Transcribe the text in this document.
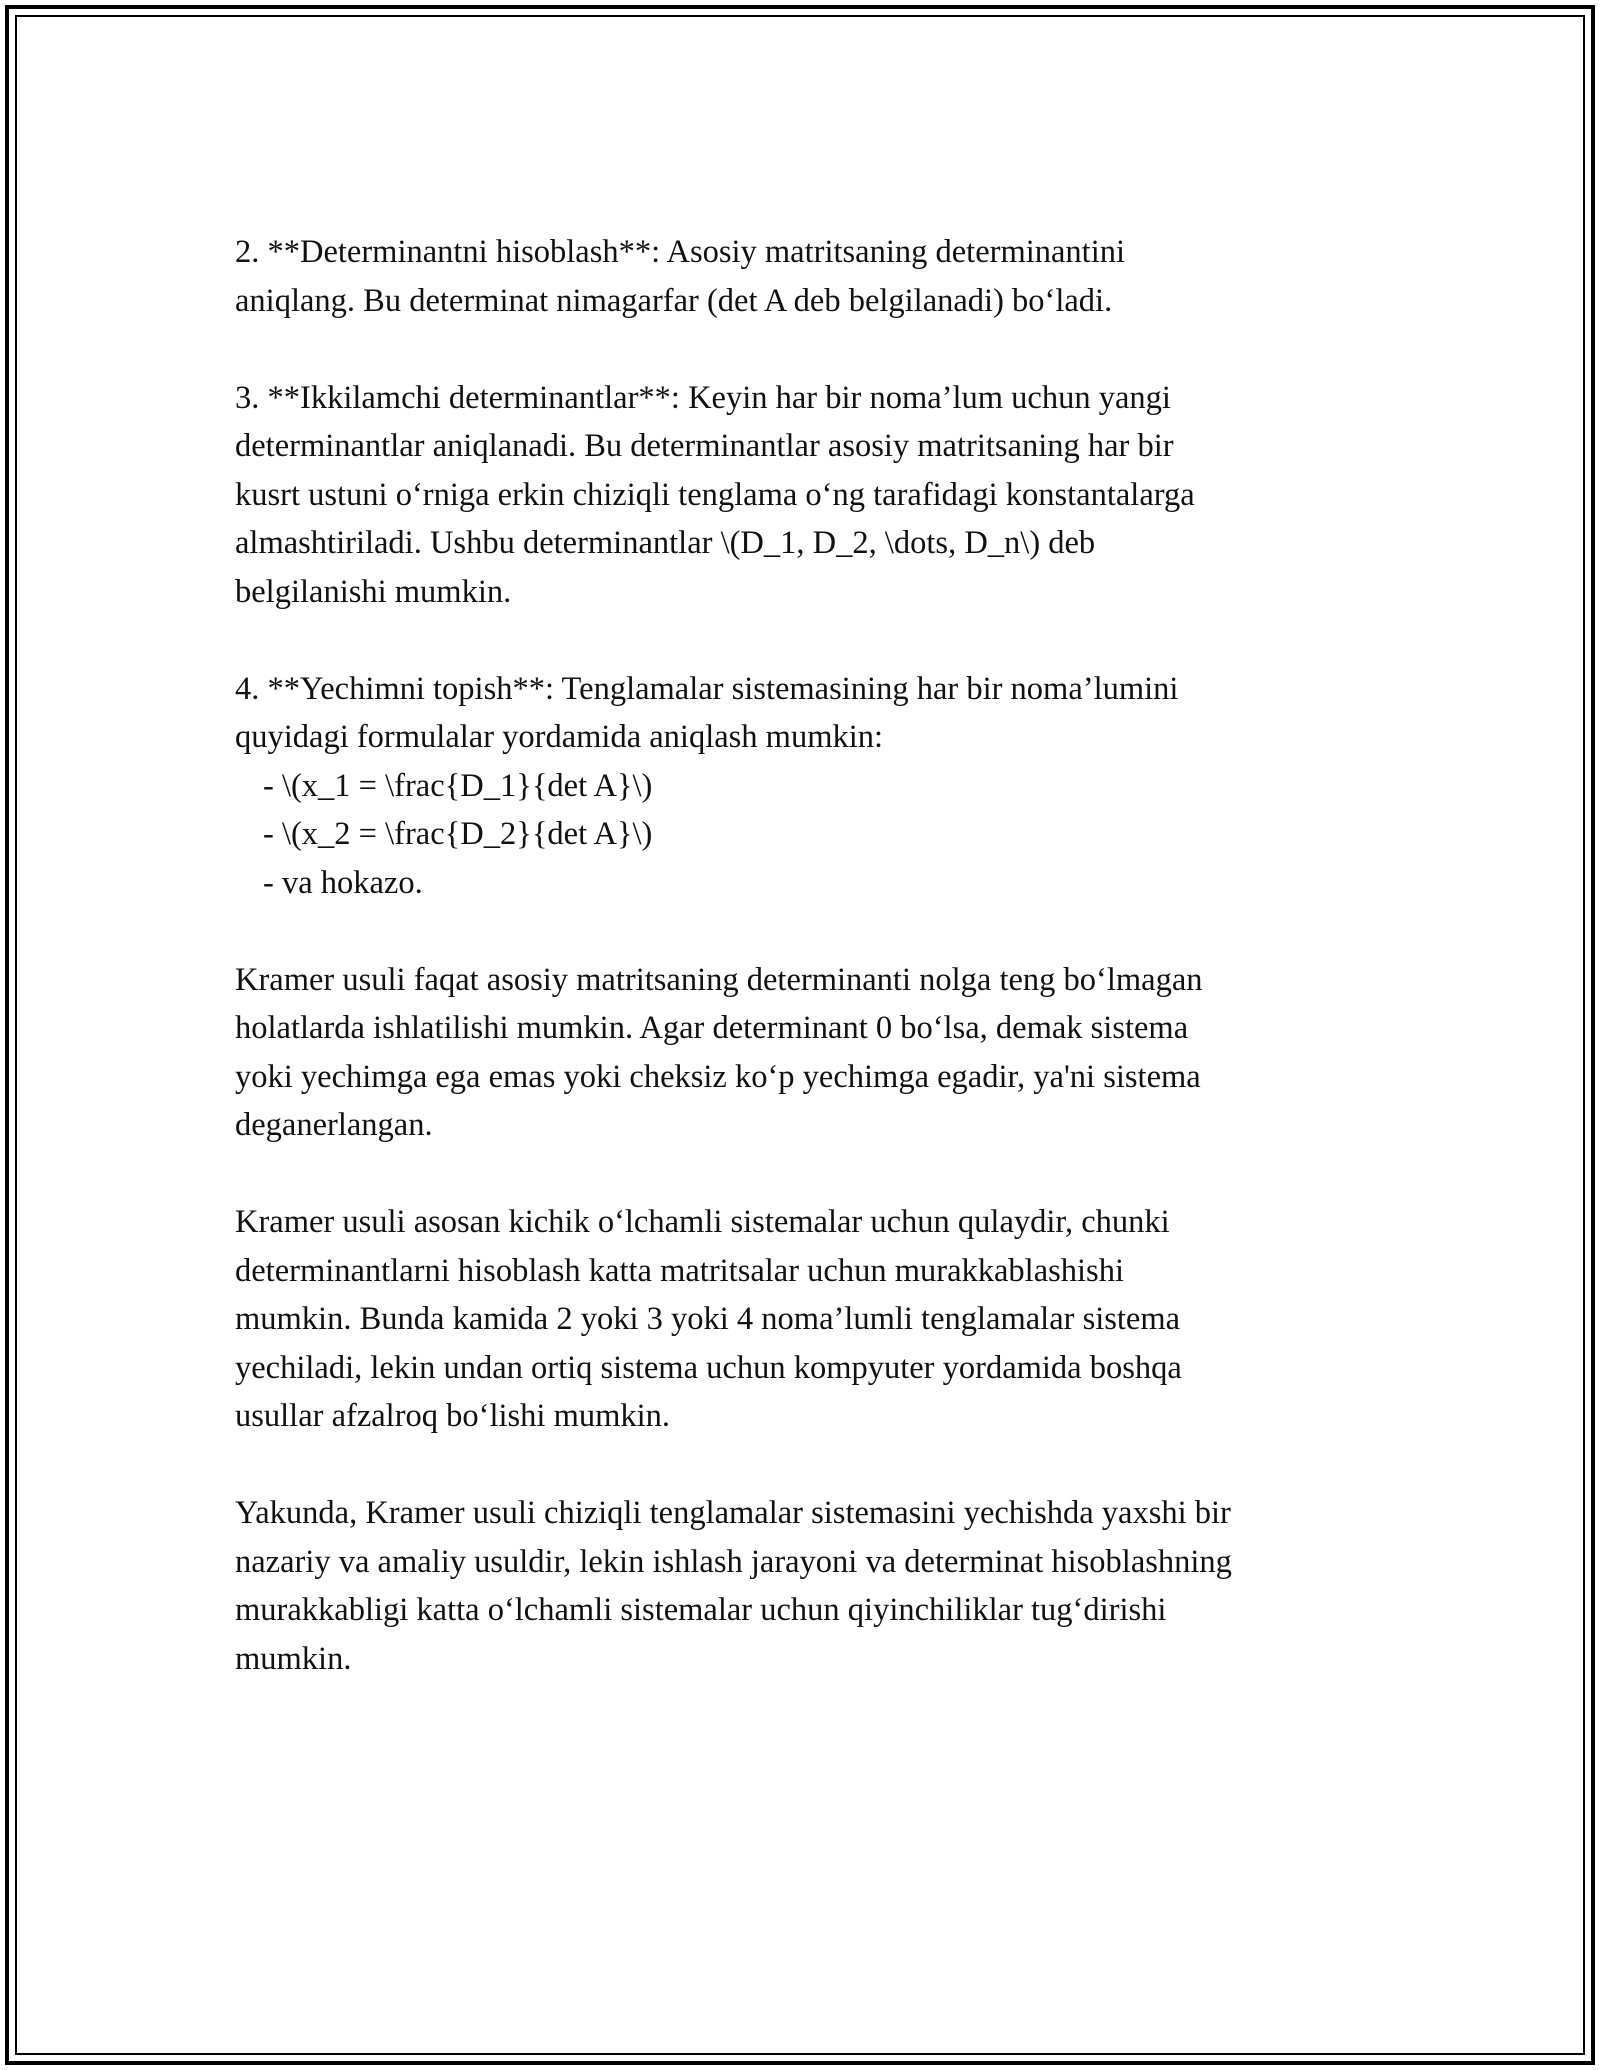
2. **Determinantni hisoblash**: Asosiy matritsaning determinantini
aniqlang. Bu determinat nimagarfar (det A deb belgilanadi) bo‘ladi.

3. **Ikkilamchi determinantlar**: Keyin har bir noma’lum uchun yangi
determinantlar aniqlanadi. Bu determinantlar asosiy matritsaning har bir
kusrt ustuni o‘rniga erkin chiziqli tenglama o‘ng tarafidagi konstantalarga
almashtiriladi. Ushbu determinantlar \(D_1, D_2, \dots, D_n\) deb
belgilanishi mumkin.

4. **Yechimni topish**: Tenglamalar sistemasining har bir noma’lumini
quyidagi formulalar yordamida aniqlash mumkin:
- \(x_1 = \frac{D_1}{det A}\)
- \(x_2 = \frac{D_2}{det A}\)
- va hokazo.

Kramer usuli faqat asosiy matritsaning determinanti nolga teng bo‘lmagan
holatlarda ishlatilishi mumkin. Agar determinant 0 bo‘lsa, demak sistema
yoki yechimga ega emas yoki cheksiz ko‘p yechimga egadir, ya'ni sistema
deganerlangan.

Kramer usuli asosan kichik o‘lchamli sistemalar uchun qulaydir, chunki
determinantlarni hisoblash katta matritsalar uchun murakkablashishi
mumkin. Bunda kamida 2 yoki 3 yoki 4 noma’lumli tenglamalar sistema
yechiladi, lekin undan ortiq sistema uchun kompyuter yordamida boshqa
usullar afzalroq bo‘lishi mumkin.

Yakunda, Kramer usuli chiziqli tenglamalar sistemasini yechishda yaxshi bir
nazariy va amaliy usuldir, lekin ishlash jarayoni va determinat hisoblashning
murakkabligi katta o‘lchamli sistemalar uchun qiyinchiliklar tug‘dirishi
mumkin.
